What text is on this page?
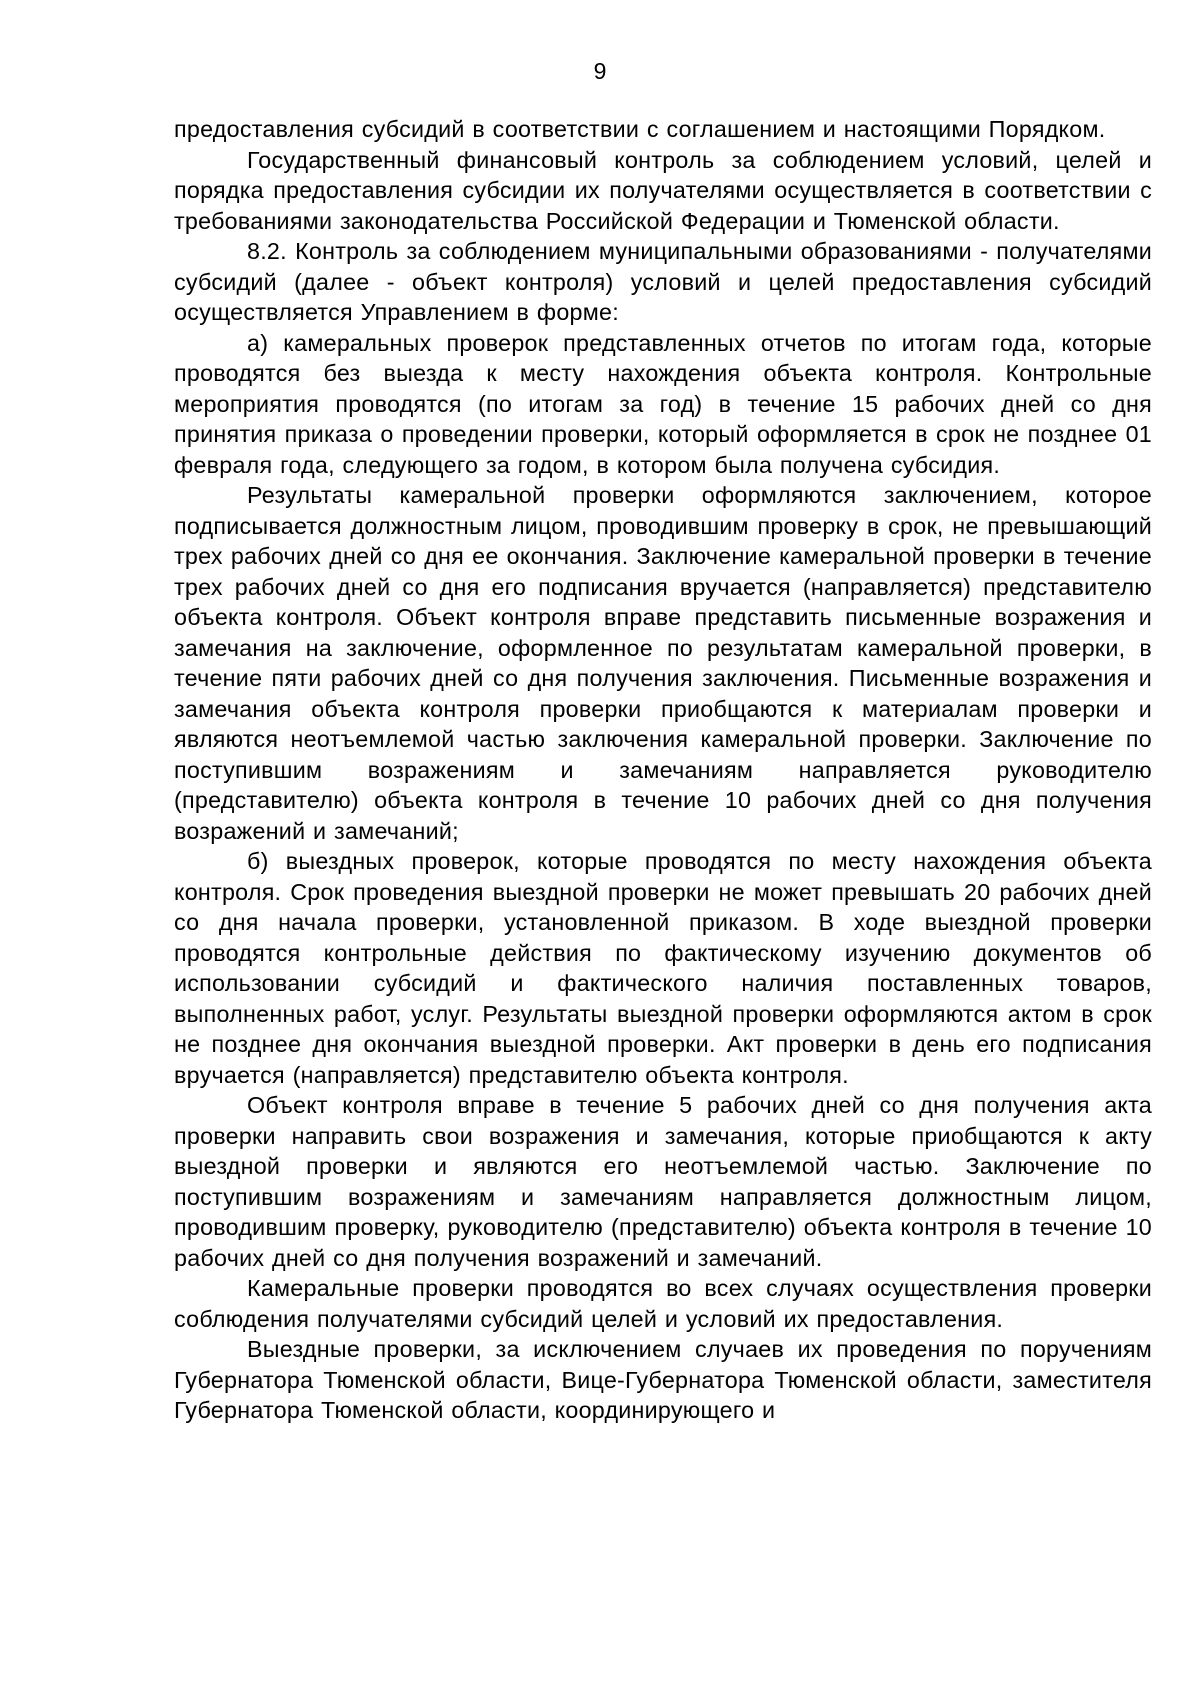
9

предоставления субсидий в соответствии с соглашением и настоящими Порядком.

Государственный финансовый контроль за соблюдением условий, целей и порядка предоставления субсидии их получателями осуществляется в соответствии с требованиями законодательства Российской Федерации и Тюменской области.

8.2. Контроль за соблюдением муниципальными образованиями - получателями субсидий (далее - объект контроля) условий и целей предоставления субсидий осуществляется Управлением в форме:

а) камеральных проверок представленных отчетов по итогам года, которые проводятся без выезда к месту нахождения объекта контроля. Контрольные мероприятия проводятся (по итогам за год) в течение 15 рабочих дней со дня принятия приказа о проведении проверки, который оформляется в срок не позднее 01 февраля года, следующего за годом, в котором была получена субсидия.

Результаты камеральной проверки оформляются заключением, которое подписывается должностным лицом, проводившим проверку в срок, не превышающий трех рабочих дней со дня ее окончания. Заключение камеральной проверки в течение трех рабочих дней со дня его подписания вручается (направляется) представителю объекта контроля. Объект контроля вправе представить письменные возражения и замечания на заключение, оформленное по результатам камеральной проверки, в течение пяти рабочих дней со дня получения заключения. Письменные возражения и замечания объекта контроля проверки приобщаются к материалам проверки и являются неотъемлемой частью заключения камеральной проверки. Заключение по поступившим возражениям и замечаниям направляется руководителю (представителю) объекта контроля в течение 10 рабочих дней со дня получения возражений и замечаний;

б) выездных проверок, которые проводятся по месту нахождения объекта контроля. Срок проведения выездной проверки не может превышать 20 рабочих дней со дня начала проверки, установленной приказом. В ходе выездной проверки проводятся контрольные действия по фактическому изучению документов об использовании субсидий и фактического наличия поставленных товаров, выполненных работ, услуг. Результаты выездной проверки оформляются актом в срок не позднее дня окончания выездной проверки. Акт проверки в день его подписания вручается (направляется) представителю объекта контроля.

Объект контроля вправе в течение 5 рабочих дней со дня получения акта проверки направить свои возражения и замечания, которые приобщаются к акту выездной проверки и являются его неотъемлемой частью. Заключение по поступившим возражениям и замечаниям направляется должностным лицом, проводившим проверку, руководителю (представителю) объекта контроля в течение 10 рабочих дней со дня получения возражений и замечаний.

Камеральные проверки проводятся во всех случаях осуществления проверки соблюдения получателями субсидий целей и условий их предоставления.

Выездные проверки, за исключением случаев их проведения по поручениям Губернатора Тюменской области, Вице-Губернатора Тюменской области, заместителя Губернатора Тюменской области, координирующего и
